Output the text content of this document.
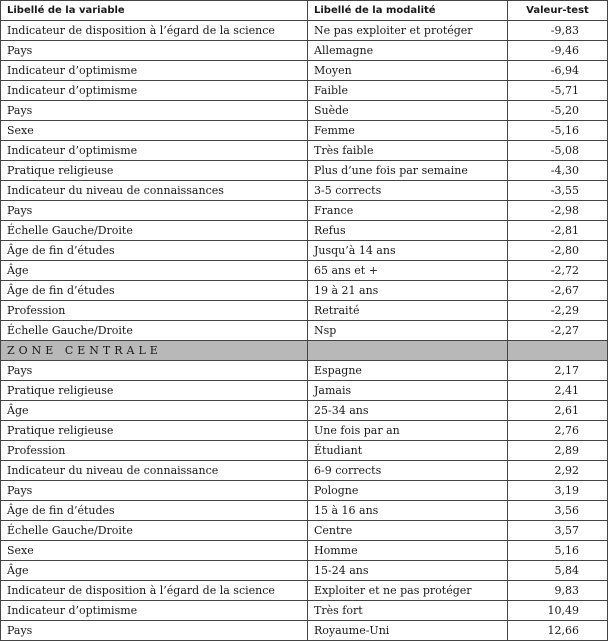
Libellé de la variable	Libellé de la modalité	Valeur-test
Indicateur de disposition à l’égard de la science	Ne pas exploiter et protéger	-9,83
Pays	Allemagne	-9,46
Indicateur d’optimisme	Moyen	-6,94
Indicateur d’optimisme	Faible	-5,71
Pays	Suède	-5,20
Sexe	Femme	-5,16
Indicateur d’optimisme	Très faible	-5,08
Pratique religieuse	Plus d’une fois par semaine	-4,30
Indicateur du niveau de connaissances	3-5 corrects	-3,55
Pays	France	-2,98
Échelle Gauche/Droite	Refus	-2,81
Âge de fin d’études	Jusqu’à 14 ans	-2,80
Âge	65 ans et +	-2,72
Âge de fin d’études	19 à 21 ans	-2,67
Profession	Retraité	-2,29
Échelle Gauche/Droite	Nsp	-2,27
ZONE CENTRALE		
Pays	Espagne	2,17
Pratique religieuse	Jamais	2,41
Âge	25-34 ans	2,61
Pratique religieuse	Une fois par an	2,76
Profession	Étudiant	2,89
Indicateur du niveau de connaissance	6-9 corrects	2,92
Pays	Pologne	3,19
Âge de fin d’études	15 à 16 ans	3,56
Échelle Gauche/Droite	Centre	3,57
Sexe	Homme	5,16
Âge	15-24 ans	5,84
Indicateur de disposition à l’égard de la science	Exploiter et ne pas protéger	9,83
Indicateur d’optimisme	Très fort	10,49
Pays	Royaume-Uni	12,66
